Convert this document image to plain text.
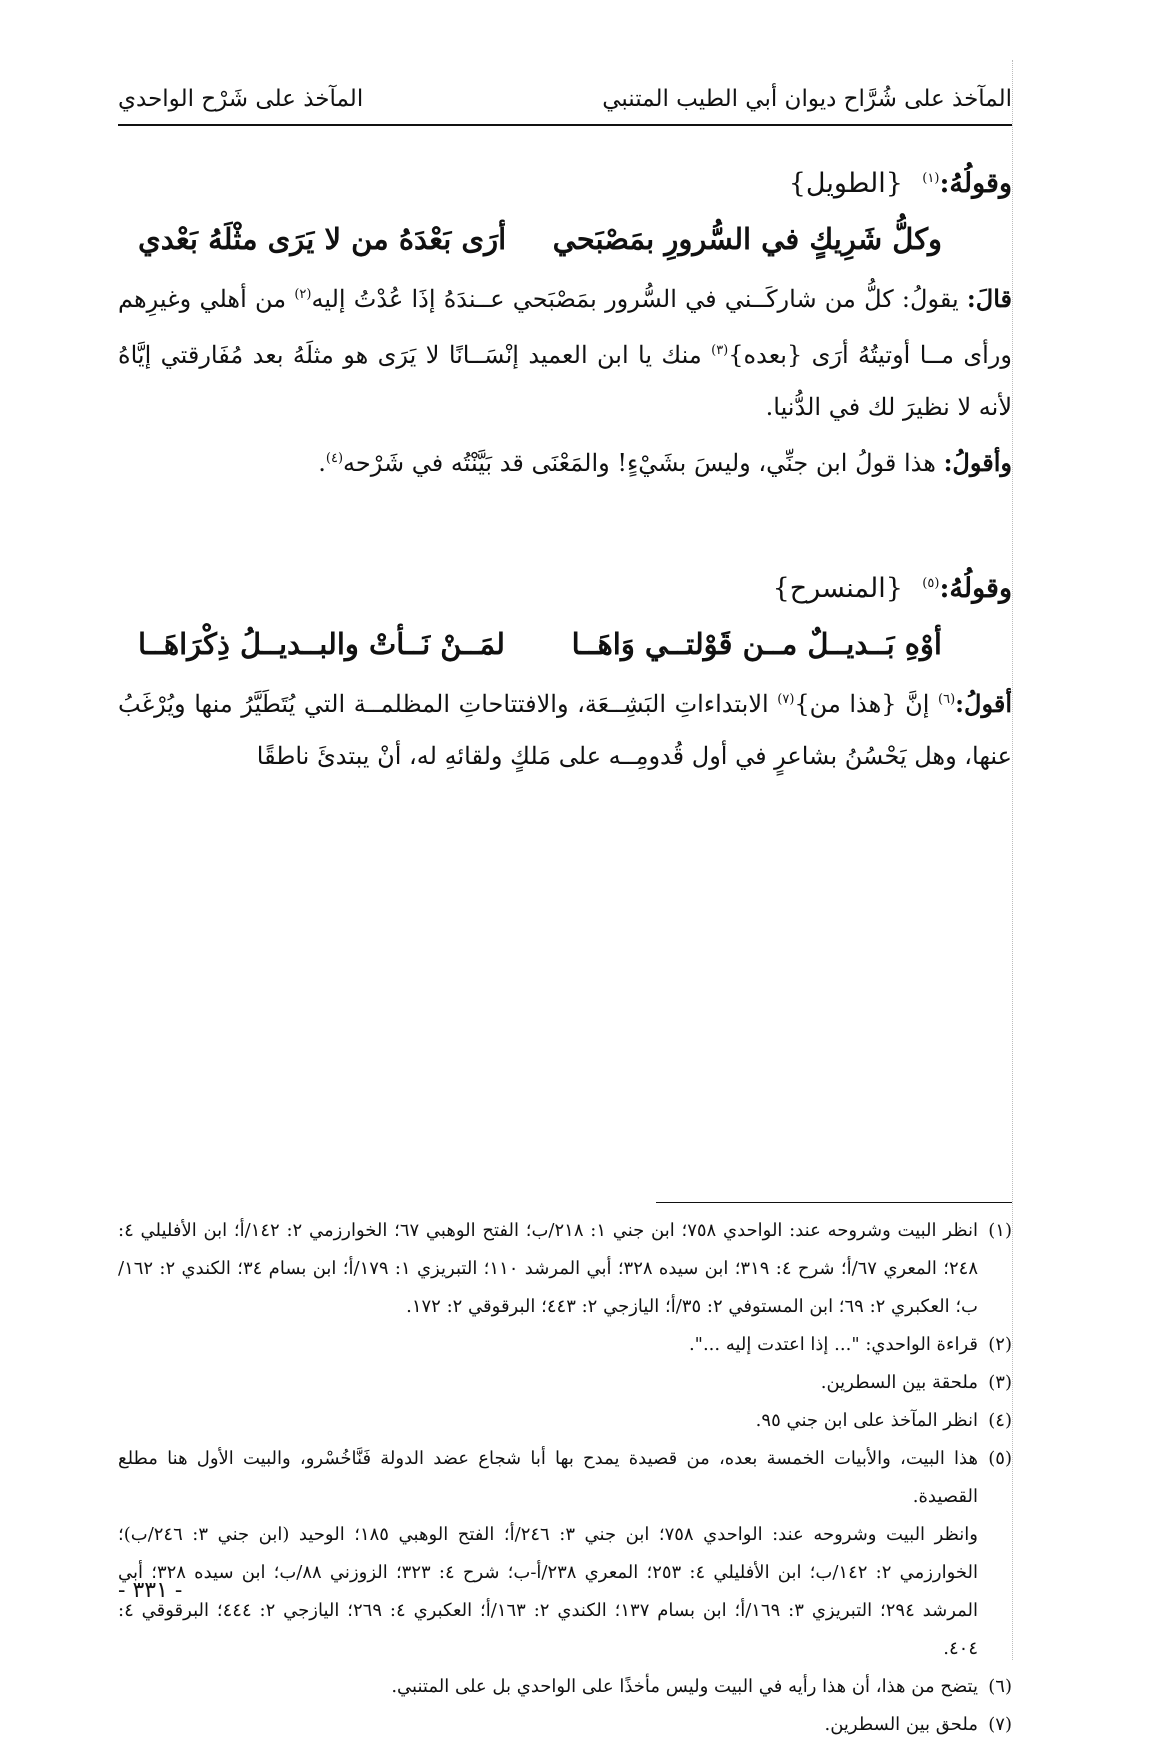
المآخذ على شُرَّاح ديوان أبي الطيب المتنبي
المآخذ على شَرْح الواحدي
وقولُهُ:$^{(١)}$ {الطويل}
وكلُّ شَرِيكٍ في السُّرورِ بمَصْبَحي
أرَى بَعْدَهُ من لا يَرَى مثْلَهُ بَعْدي

قالَ: يقولُ: كلُّ من شاركَــني في السُّرور بمَصْبَحي عــندَهُ إذَا عُدْتُ إليه$^{(٢)}$ من أهلي وغيرِهم ورأى مــا أوتيتُهُ أرَى {بعده}$^{(٣)}$ منك يا ابن العميد إنْسَــانًا لا يَرَى هو مثلَهُ بعد مُفَارقتي إيَّاهُ لأنه لا نظيرَ لك في الدُّنيا.

وأقولُ: هذا قولُ ابن جنِّي، وليسَ بشَيْءٍ! والمَعْنَى قد بَيَّنْتُه في شَرْحه$^{(٤)}$.

وقولُهُ:$^{(٥)}$ {المنسرح}
أوْهِ بَــديــلٌ مــن قَوْلتــي وَاهَــا
لمَــنْ نَــأتْ والبــديــلُ ذِكْرَاهَــا

أقولُ:$^{(٦)}$ إنَّ {هذا من}$^{(٧)}$ الابتداءاتِ البَشِــعَة، والافتتاحاتِ المظلمــة التي يُتَطَيَّرُ منها ويُرْغَبُ عنها، وهل يَحْسُنُ بشاعرٍ في أول قُدومِــه على مَلكٍ ولقائهِ له، أنْ يبتدئَ ناطقًا

(١)
انظر البيت وشروحه عند: الواحدي ٧٥٨؛ ابن جني ١: ٢١٨/ب؛ الفتح الوهبي ٦٧؛ الخوارزمي ٢: ١٤٢/أ؛ ابن الأفليلي ٤: ٢٤٨؛ المعري ٦٧/أ؛ شرح ٤: ٣١٩؛ ابن سيده ٣٢٨؛ أبي المرشد ١١٠؛ التبريزي ١: ١٧٩/أ؛ ابن بسام ٣٤؛ الكندي ٢: ١٦٢/ب؛ العكبري ٢: ٦٩؛ ابن المستوفي ٢: ٣٥/أ؛ اليازجي ٢: ٤٤٣؛ البرقوقي ٢: ١٧٢.
(٢)
قراءة الواحدي: "... إذا اعتدت إليه ...".
(٣)
ملحقة بين السطرين.
(٤)
انظر المآخذ على ابن جني ٩٥.
(٥)
هذا البيت، والأبيات الخمسة بعده، من قصيدة يمدح بها أبا شجاع عضد الدولة فَنَّاخُسْرو، والبيت الأول هنا مطلع القصيدة.
وانظر البيت وشروحه عند: الواحدي ٧٥٨؛ ابن جني ٣: ٢٤٦/أ؛ الفتح الوهبي ١٨٥؛ الوحيد (ابن جني ٣: ٢٤٦/ب)؛ الخوارزمي ٢: ١٤٢/ب؛ ابن الأفليلي ٤: ٢٥٣؛ المعري ٢٣٨/أ-ب؛ شرح ٤: ٣٢٣؛ الزوزني ٨٨/ب؛ ابن سيده ٣٢٨؛ أبي المرشد ٢٩٤؛ التبريزي ٣: ١٦٩/أ؛ ابن بسام ١٣٧؛ الكندي ٢: ١٦٣/أ؛ العكبري ٤: ٢٦٩؛ اليازجي ٢: ٤٤٤؛ البرقوقي ٤: ٤٠٤.
(٦)
يتضح من هذا، أن هذا رأيه في البيت وليس مأخذًا على الواحدي بل على المتنبي.
(٧)
ملحق بين السطرين.
- ٣٣١ -
